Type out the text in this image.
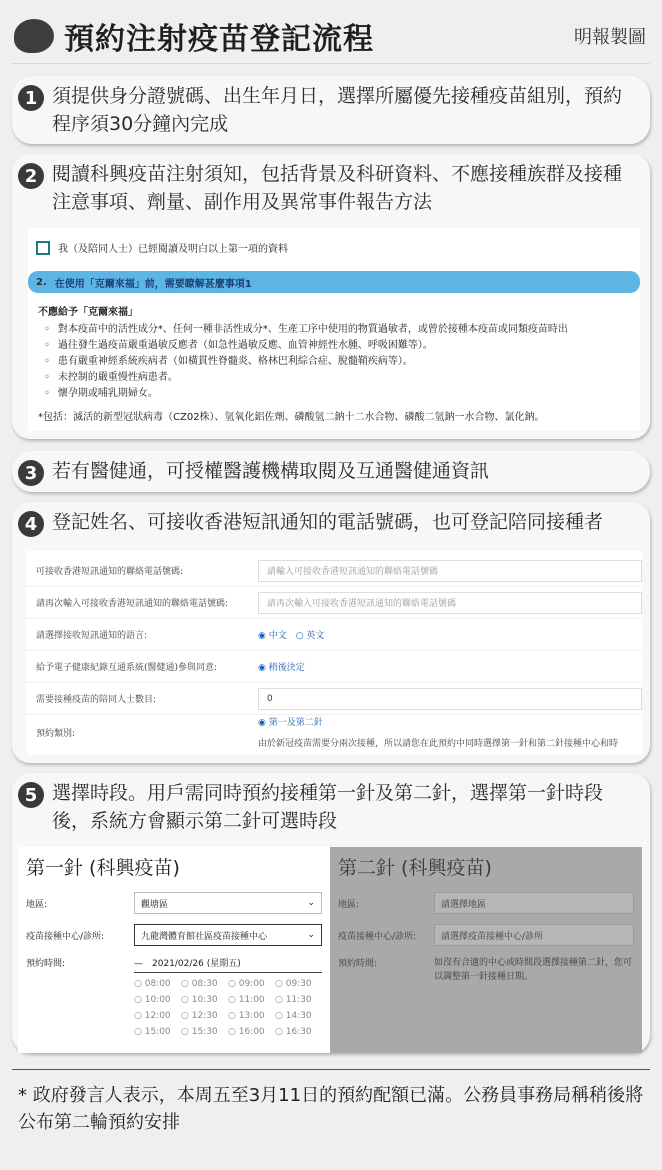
預約注射疫苗登記流程	明報製圖
1 須提供身分證號碼、出生年月日，選擇所屬優先接種疫苗組別，預約程序須30分鐘內完成
2 閱讀科興疫苗注射須知，包括背景及科研資料、不應接種族群及接種注意事項、劑量、副作用及異常事件報告方法
我（及陪同人士）已經閱讀及明白以上第一項的資料
2. 在使用「克爾來福」前，需要瞭解甚麼事項1
不應給予「克爾來福」
◦ 對本疫苗中的活性成分*、任何一種非活性成分*、生產工序中使用的物質過敏者，或曾於接種本疫苗或同類疫苗時出
◦ 過往發生過疫苗嚴重過敏反應者（如急性過敏反應、血管神經性水腫、呼吸困難等）。
◦ 患有嚴重神經系統疾病者（如橫貫性脊髓炎、格林巴利綜合症、脫髓鞘疾病等）。
◦ 未控制的嚴重慢性病患者。
◦ 懷孕期或哺乳期婦女。
*包括：滅活的新型冠狀病毒（CZ02株）、氫氧化鋁佐劑、磷酸氫二鈉十二水合物、磷酸二氫鈉一水合物、氯化鈉。
3 若有醫健通，可授權醫護機構取閱及互通醫健通資訊
4 登記姓名、可接收香港短訊通知的電話號碼，也可登記陪同接種者
可接收香港短訊通知的聯絡電話號碼:	請輸入可接收香港短訊通知的聯絡電話號碼
請再次輸入可接收香港短訊通知的聯絡電話號碼:	請再次輸入可接收香港短訊通知的聯絡電話號碼
請選擇接收短訊通知的語言:	◉ 中文　○ 英文
給予電子健康紀錄互通系統(醫健通)參與同意:	◉ 稍後決定
需要接種疫苗的陪同人士數目:	0
預約類別:
◉ 第一及第二針
由於新冠疫苗需要分兩次接種，所以請您在此預約中同時選擇第一針和第二針接種中心和時
5 選擇時段。用戶需同時預約接種第一針及第二針，選擇第一針時段後，系統方會顯示第二針可選時段
第一針 (科興疫苗)
地區:	觀塘區	⌄
疫苗接種中心/診所:	九龍灣體育館社區疫苗接種中心	⌄
預約時間:	—　2021/02/26 (星期五)
○ 08:00	○ 08:30	○ 09:00	○ 09:30
○ 10:00	○ 10:30	○ 11:00	○ 11:30
○ 12:00	○ 12:30	○ 13:00	○ 14:30
○ 15:00	○ 15:30	○ 16:00	○ 16:30
第二針 (科興疫苗)
地區:	請選擇地區
疫苗接種中心/診所:	請選擇疫苗接種中心/診所
預約時間:	如沒有合適的中心或時間段選擇接種第二針，您可以調整第一針接種日期。
* 政府發言人表示，本周五至3月11日的預約配額已滿。公務員事務局稱稍後將公布第二輪預約安排
